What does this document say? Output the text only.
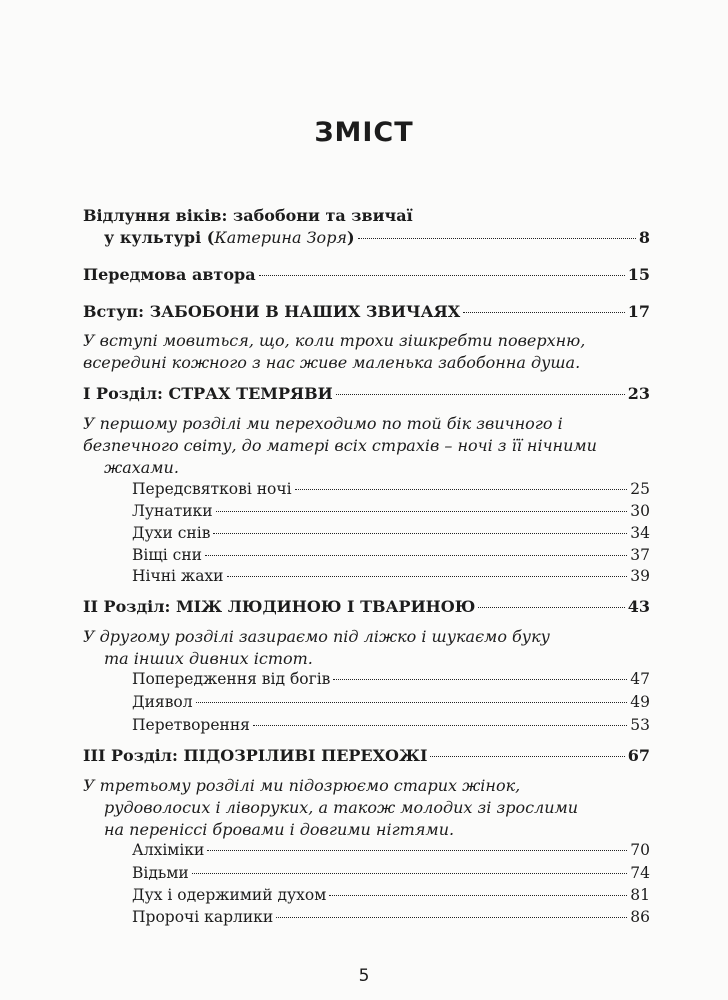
ЗМІСТ
Відлуння віків: забобони та звичаї
у культурі (Катерина Зоря)	8
Передмова автора	15
Вступ: ЗАБОБОНИ В НАШИХ ЗВИЧАЯХ	17
У вступі мовиться, що, коли трохи зішкребти поверхню,
всередині кожного з нас живе маленька забобонна душа.
I Розділ: СТРАХ ТЕМРЯВИ	23
У першому розділі ми переходимо по той бік звичного і
безпечного світу, до матері всіх страхів – ночі з її нічними
жахами.
Передсвяткові ночі	25
Лунатики	30
Духи снів	34
Віщі сни	37
Нічні жахи	39
II Розділ: МІЖ ЛЮДИНОЮ І ТВАРИНОЮ	43
У другому розділі зазираємо під ліжко і шукаємо буку
та інших дивних істот.
Попередження від богів	47
Диявол	49
Перетворення	53
III Розділ: ПІДОЗРІЛИВІ ПЕРЕХОЖІ	67
У третьому розділі ми підозрюємо старих жінок,
рудоволосих і ліворуких, а також молодих зі зрослими
на переніссі бровами і довгими нігтями.
Алхіміки	70
Відьми	74
Дух і одержимий духом	81
Пророчі карлики	86
5
